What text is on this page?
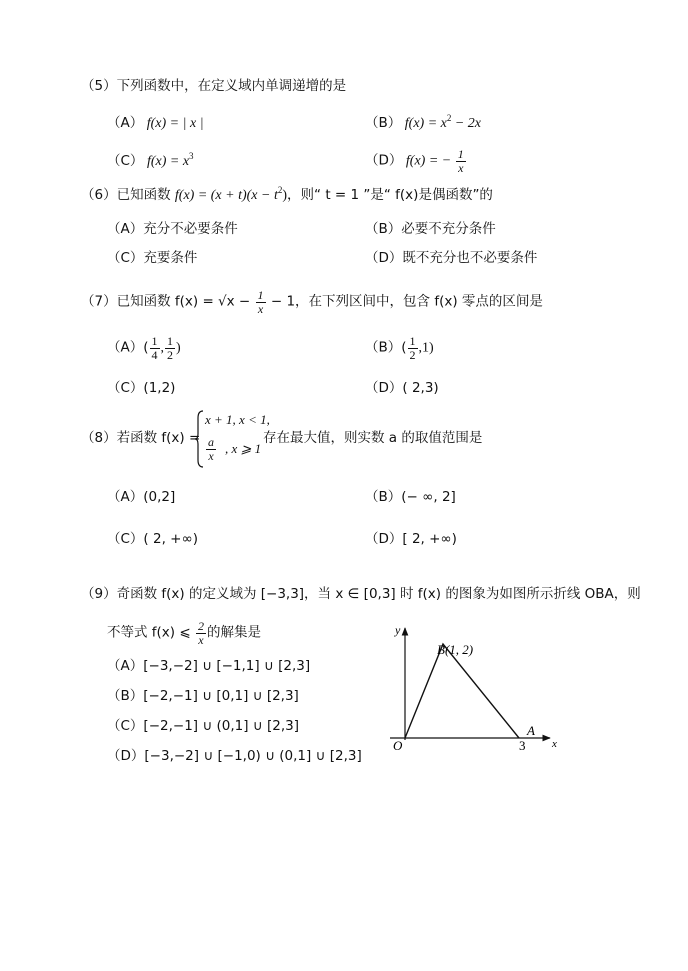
（5）下列函数中，在定义域内单调递增的是
（A） f(x) = | x |	（B） $f(x) = x^2 - 2x$
（C） $f(x) = x^3$	（D） f(x) = − $\frac{1}{x}$
（6）已知函数 $f(x) = (x + t)(x - t^2)$，则“ t = 1 ”是“ f(x)是偶函数”的
（A）充分不必要条件	（B）必要不充分条件
（C）充要条件	（D）既不充分也不必要条件
（7）已知函数 $f(x) = √x - \frac{1}{x} - 1$，在下列区间中，包含 f(x) 零点的区间是
$(A)( \frac{1}{4}$ , $\frac{1}{2}$ )	$(B)( \frac{1}{2} ,1)$
（C）(1,2)	（D）( 2,3)
（8）若函数 f(x) =
x + 1, x < 1,
$\frac{a}{x}$ , x ⩾ 1
存在最大值，则实数 a 的取值范围是
（A）(0,2]	（B）(− ∞, 2]
（C）( 2, +∞)	（D）[ 2, +∞)
（9）奇函数 f(x) 的定义域为 [−3,3]，当 x ∈ [0,3] 时 f(x) 的图象为如图所示折线 OBA，则
不等式 f(x) ⩽ $\frac{2}{x}$ 的解集是
（A）[−3,−2] ∪ [−1,1] ∪ [2,3]
（B）[−2,−1] ∪ [0,1] ∪ [2,3]
（C）[−2,−1] ∪ (0,1] ∪ [2,3]
（D）[−3,−2] ∪ [−1,0) ∪ (0,1] ∪ [2,3]
y
x
O
B(1, 2)
A
3
